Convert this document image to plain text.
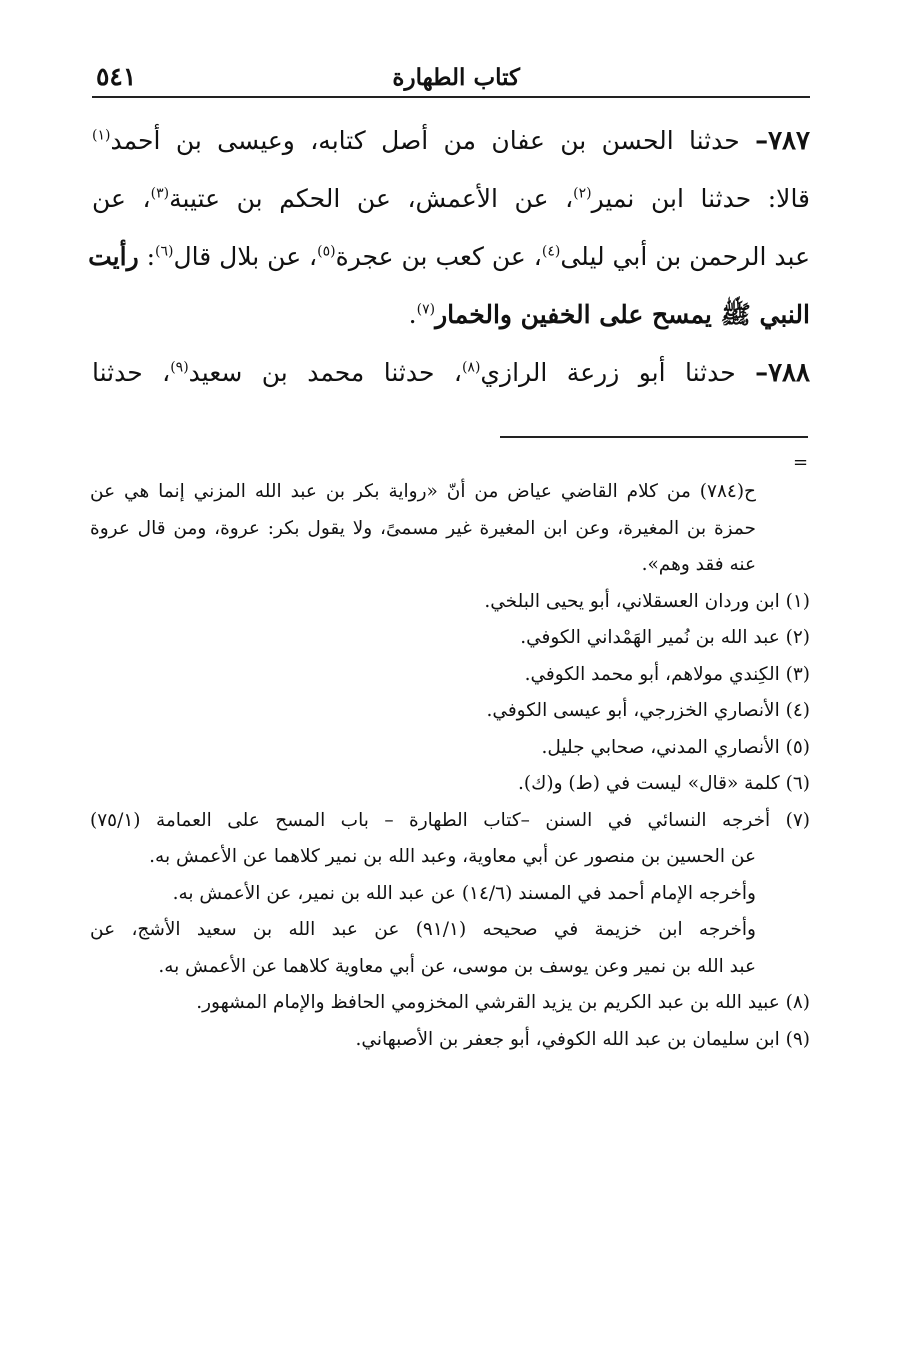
كتاب الطهارة
٥٤١
٧٨٧– حدثنا الحسن بن عفان من أصل كتابه، وعيسى بن أحمد$^{(١)}$
قالا: حدثنا ابن نمير$^{(٢)}$، عن الأعمش، عن الحكم بن عتيبة$^{(٣)}$، عن
عبد الرحمن بن أبي ليلى$^{(٤)}$، عن كعب بن عجرة$^{(٥)}$، عن بلال قال$^{(٦)}$: رأيت
النبي ﷺ يمسح على الخفين والخمار$^{(٧)}$.
٧٨٨– حدثنا أبو زرعة الرازي$^{(٨)}$، حدثنا محمد بن سعيد$^{(٩)}$، حدثنا
=
ح(٧٨٤) من كلام القاضي عياض من أنّ «رواية بكر بن عبد الله المزني إنما هي عن
حمزة بن المغيرة، وعن ابن المغيرة غير مسمىً، ولا يقول بكر: عروة، ومن قال عروة
عنه فقد وهم».
(١) ابن وردان العسقلاني، أبو يحيى البلخي.
(٢) عبد الله بن نُمير الهَمْداني الكوفي.
(٣) الكِندي مولاهم، أبو محمد الكوفي.
(٤) الأنصاري الخزرجي، أبو عيسى الكوفي.
(٥) الأنصاري المدني، صحابي جليل.
(٦) كلمة «قال» ليست في (ط) و(ك).
(٧) أخرجه النسائي في السنن –كتاب الطهارة – باب المسح على العمامة (٧٥/١)
عن الحسين بن منصور عن أبي معاوية، وعبد الله بن نمير كلاهما عن الأعمش به.
وأخرجه الإمام أحمد في المسند (١٤/٦) عن عبد الله بن نمير، عن الأعمش به.
وأخرجه ابن خزيمة في صحيحه (٩١/١) عن عبد الله بن سعيد الأشج، عن
عبد الله بن نمير وعن يوسف بن موسى، عن أبي معاوية كلاهما عن الأعمش به.
(٨) عبيد الله بن عبد الكريم بن يزيد القرشي المخزومي الحافظ والإمام المشهور.
(٩) ابن سليمان بن عبد الله الكوفي، أبو جعفر بن الأصبهاني.
